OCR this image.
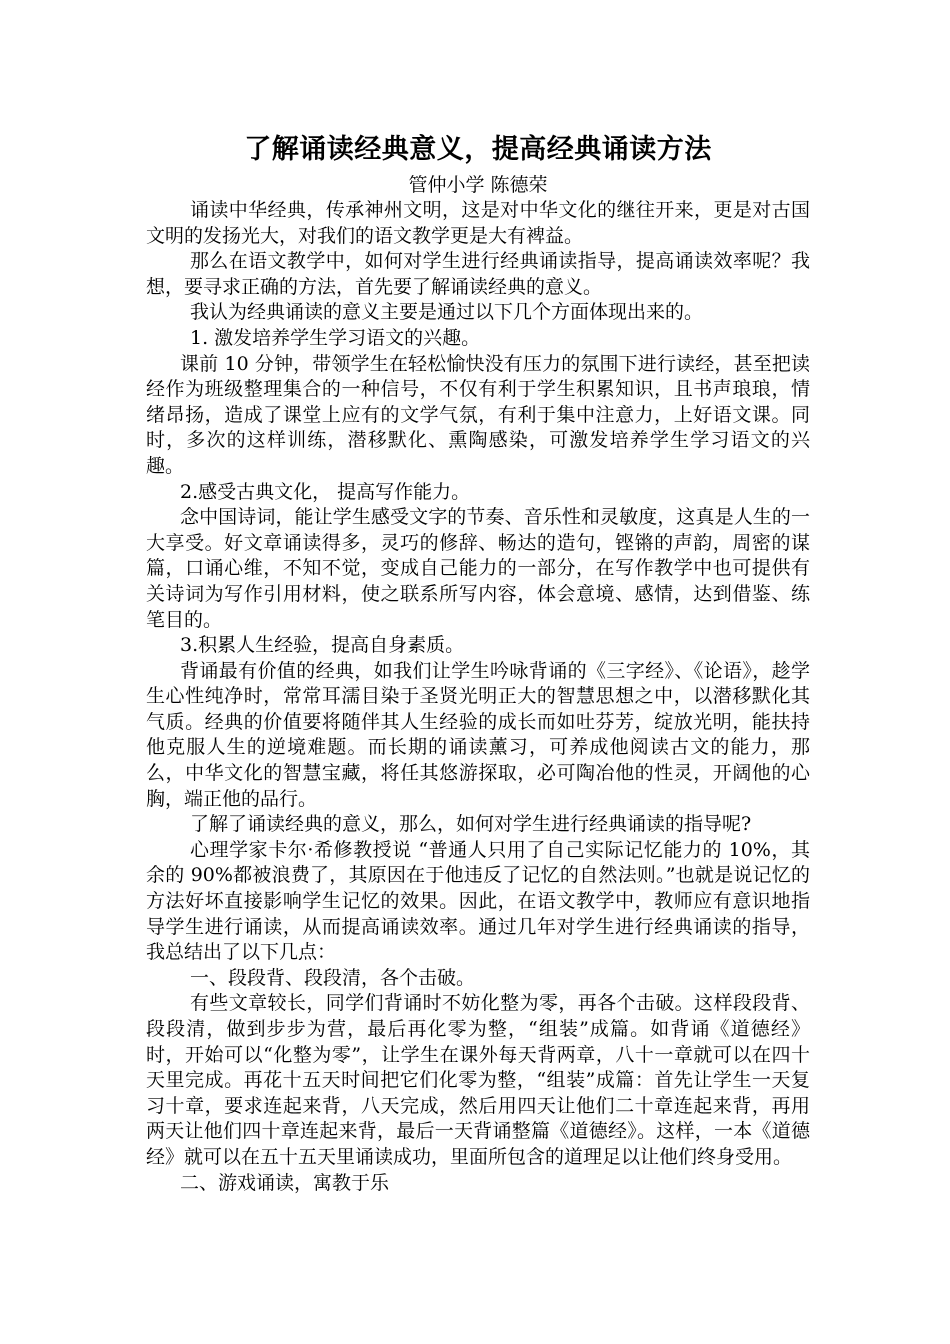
了解诵读经典意义，提高经典诵读方法

管仲小学 陈德荣

诵读中华经典，传承神州文明，这是对中华文化的继往开来，更是对古国文明的发扬光大，对我们的语文教学更是大有裨益。

那么在语文教学中，如何对学生进行经典诵读指导，提高诵读效率呢？我想，要寻求正确的方法，首先要了解诵读经典的意义。

我认为经典诵读的意义主要是通过以下几个方面体现出来的。

1. 激发培养学生学习语文的兴趣。

课前 10 分钟，带领学生在轻松愉快没有压力的氛围下进行读经，甚至把读经作为班级整理集合的一种信号，不仅有利于学生积累知识，且书声琅琅，情绪昂扬，造成了课堂上应有的文学气氛，有利于集中注意力，上好语文课。同时，多次的这样训练，潜移默化、熏陶感染，可激发培养学生学习语文的兴趣。

2.感受古典文化， 提高写作能力。

念中国诗词，能让学生感受文字的节奏、音乐性和灵敏度，这真是人生的一大享受。好文章诵读得多，灵巧的修辞、畅达的造句，铿锵的声韵，周密的谋篇，口诵心维，不知不觉，变成自己能力的一部分，在写作教学中也可提供有关诗词为写作引用材料，使之联系所写内容，体会意境、感情，达到借鉴、练笔目的。

3.积累人生经验，提高自身素质。

背诵最有价值的经典，如我们让学生吟咏背诵的《三字经》、《论语》，趁学生心性纯净时，常常耳濡目染于圣贤光明正大的智慧思想之中，以潜移默化其气质。经典的价值要将随伴其人生经验的成长而如吐芬芳，绽放光明，能扶持他克服人生的逆境难题。而长期的诵读薰习，可养成他阅读古文的能力，那么，中华文化的智慧宝藏，将任其悠游探取，必可陶冶他的性灵，开阔他的心胸，端正他的品行。

了解了诵读经典的意义，那么，如何对学生进行经典诵读的指导呢?

心理学家卡尔·希修教授说 “普通人只用了自己实际记忆能力的 10%，其余的 90%都被浪费了，其原因在于他违反了记忆的自然法则。”也就是说记忆的方法好坏直接影响学生记忆的效果。因此，在语文教学中，教师应有意识地指导学生进行诵读，从而提高诵读效率。通过几年对学生进行经典诵读的指导，我总结出了以下几点：

一、段段背、段段清，各个击破。

有些文章较长，同学们背诵时不妨化整为零，再各个击破。这样段段背、段段清，做到步步为营，最后再化零为整，“组装”成篇。如背诵《道德经》时，开始可以“化整为零”，让学生在课外每天背两章，八十一章就可以在四十天里完成。再花十五天时间把它们化零为整，“组装”成篇：首先让学生一天复习十章，要求连起来背，八天完成，然后用四天让他们二十章连起来背，再用两天让他们四十章连起来背，最后一天背诵整篇《道德经》。这样，一本《道德经》就可以在五十五天里诵读成功，里面所包含的道理足以让他们终身受用。

二、游戏诵读，寓教于乐
